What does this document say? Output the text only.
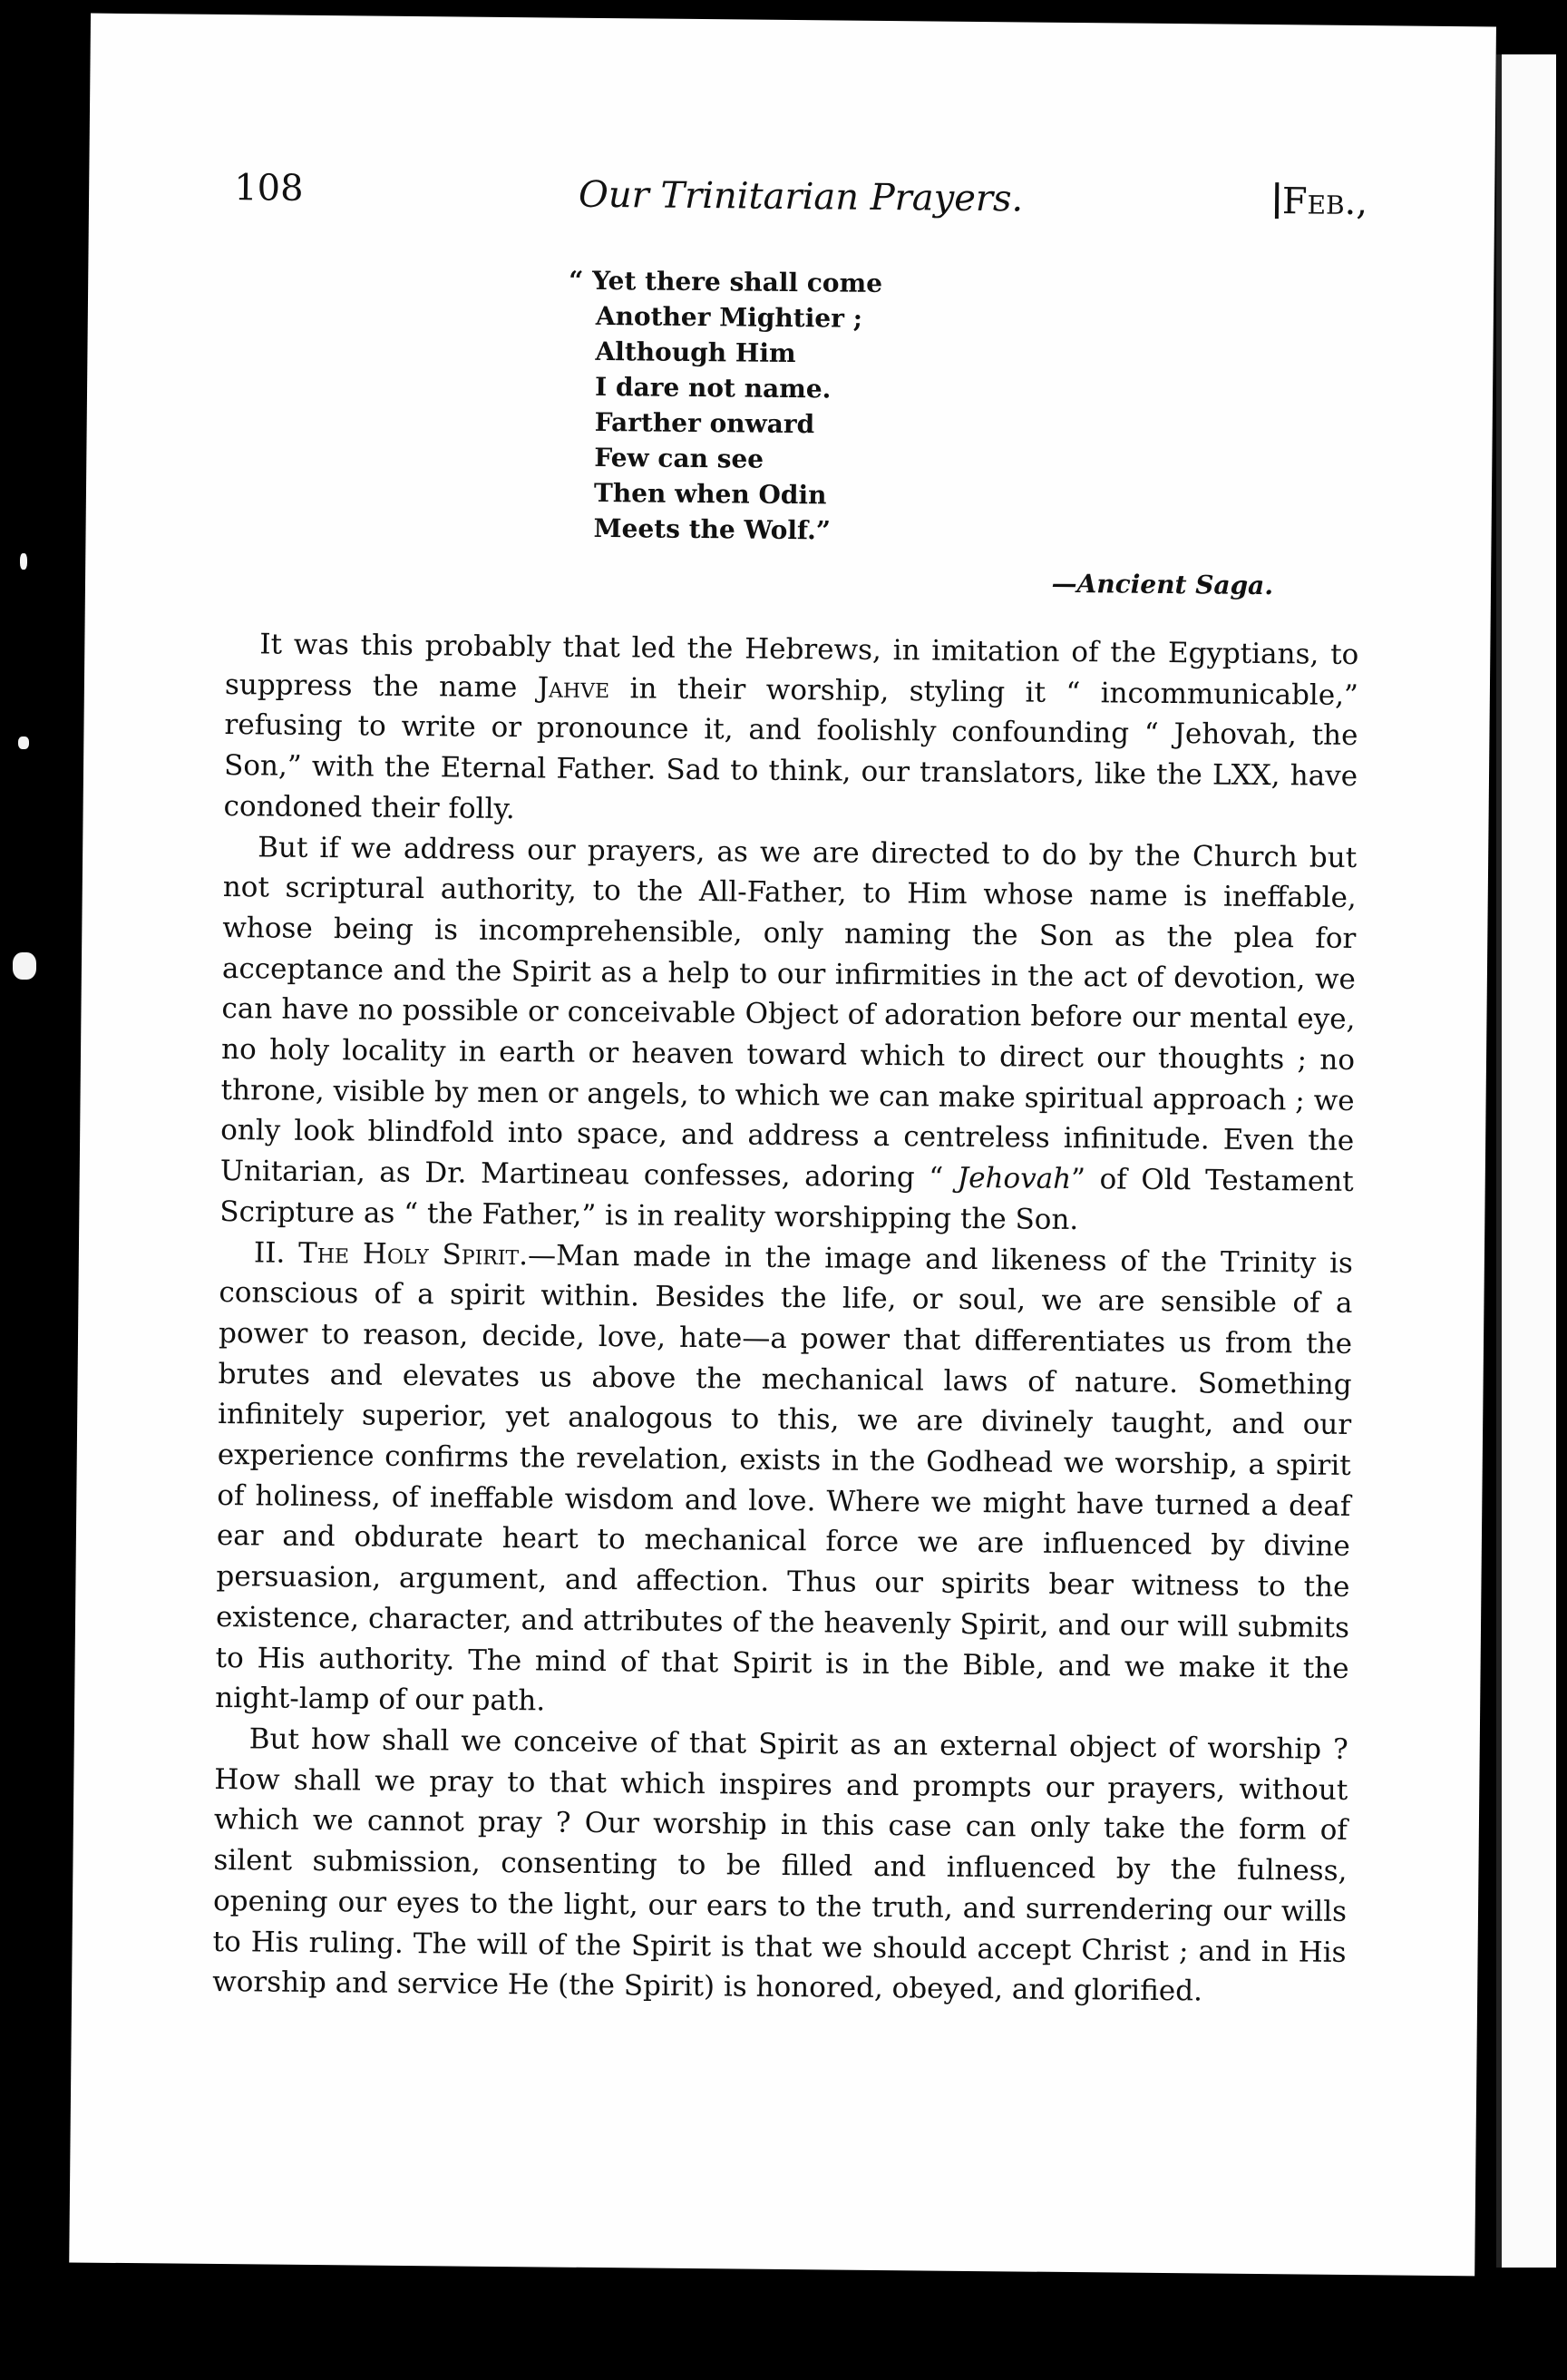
108	Our Trinitarian Prayers.	Feb.,
“ Yet there shall come
Another Mightier ;
Although Him
I dare not name.
Farther onward
Few can see
Then when Odin
Meets the Wolf.”
—Ancient Saga.

It was this probably that led the Hebrews, in imitation of the Egyptians, to suppress the name Jahve in their worship, styling it “ incommunicable,” refusing to write or pronounce it, and foolishly confounding “ Jehovah, the Son,” with the Eternal Father. Sad to think, our translators, like the LXX, have condoned their folly.

But if we address our prayers, as we are directed to do by the Church but not scriptural authority, to the All-Father, to Him whose name is ineffable, whose being is incomprehensible, only naming the Son as the plea for acceptance and the Spirit as a help to our infirmities in the act of devotion, we can have no possible or conceivable Object of adoration before our mental eye, no holy locality in earth or heaven toward which to direct our thoughts ; no throne, visible by men or angels, to which we can make spiritual approach ; we only look blindfold into space, and address a centreless infinitude. Even the Unitarian, as Dr. Martineau confesses, adoring “ Jehovah” of Old Testament Scripture as “ the Father,” is in reality worshipping the Son.

II. The Holy Spirit.—Man made in the image and likeness of the Trinity is conscious of a spirit within. Besides the life, or soul, we are sensible of a power to reason, decide, love, hate—a power that differentiates us from the brutes and elevates us above the mechanical laws of nature. Something infinitely superior, yet analogous to this, we are divinely taught, and our experience confirms the revelation, exists in the Godhead we worship, a spirit of holiness, of ineffable wisdom and love. Where we might have turned a deaf ear and obdurate heart to mechanical force we are influenced by divine persuasion, argument, and affection. Thus our spirits bear witness to the existence, character, and attributes of the heavenly Spirit, and our will submits to His authority. The mind of that Spirit is in the Bible, and we make it the night-lamp of our path.

But how shall we conceive of that Spirit as an external object of worship ? How shall we pray to that which inspires and prompts our prayers, without which we cannot pray ? Our worship in this case can only take the form of silent submission, consenting to be filled and influenced by the fulness, opening our eyes to the light, our ears to the truth, and surrendering our wills to His ruling. The will of the Spirit is that we should accept Christ ; and in His worship and service He (the Spirit) is honored, obeyed, and glorified.
